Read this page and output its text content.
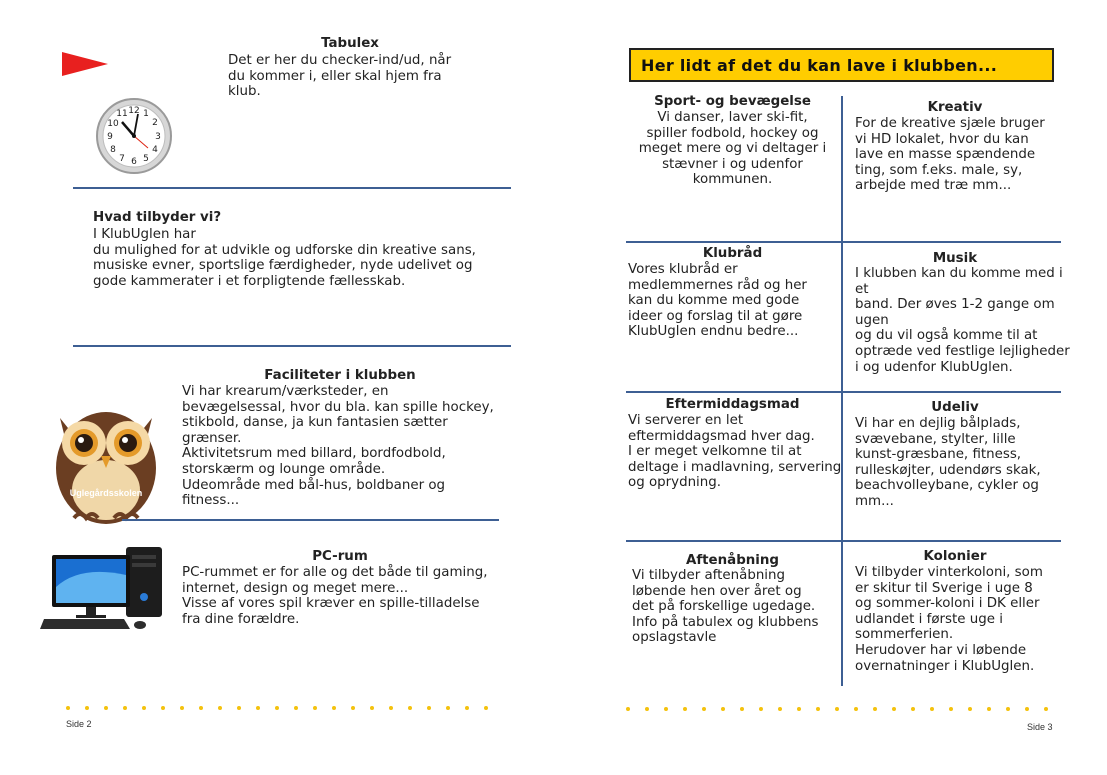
Tabulex
Det er her du checker-ind/ud, når
du kommer i, eller skal hjem fra
klub.
12 1
2
3
4
5
6
7
8
9
10
11
Hvad tilbyder vi?
I KlubUglen har
du mulighed for at udvikle og udforske din kreative sans,
musiske evner, sportslige færdigheder, nyde udelivet og
gode kammerater i et forpligtende fællesskab.
Uglegårdsskolen
Faciliteter i klubben
Vi har krearum/værksteder, en
bevægelsessal, hvor du bla. kan spille hockey,
stikbold, danse, ja kun fantasien sætter
grænser.
Aktivitetsrum med billard, bordfodbold,
storskærm og lounge område.
Udeområde med bål-hus, boldbaner og
fitness...
PC-rum
PC-rummet er for alle og det både til gaming,
internet, design og meget mere...
Visse af vores spil kræver en spille-tilladelse
fra dine forældre.
Side 2
Her lidt af det du kan lave i klubben...
Sport- og bevægelse
Vi danser, laver ski-fit,
spiller fodbold, hockey og
meget mere og vi deltager i
stævner i og udenfor
kommunen.
Kreativ
For de kreative sjæle bruger
vi HD lokalet, hvor du kan
lave en masse spændende
ting, som f.eks. male, sy,
arbejde med træ mm...
Klubråd
Vores klubråd er
medlemmernes råd og her
kan du komme med gode
ideer og forslag til at gøre
KlubUglen endnu bedre...
Musik
I klubben kan du komme med i et
band. Der øves 1-2 gange om ugen
og du vil også komme til at
optræde ved festlige lejligheder
i og udenfor KlubUglen.
Eftermiddagsmad
Vi serverer en let
eftermiddagsmad hver dag.
I er meget velkomne til at
deltage i madlavning, servering
og oprydning.
Udeliv
Vi har en dejlig bålplads,
svævebane, stylter, lille
kunst-græsbane, fitness,
rulleskøjter, udendørs skak,
beachvolleybane, cykler og
mm...
Aftenåbning
Vi tilbyder aftenåbning
løbende hen over året og
det på forskellige ugedage.
Info på tabulex og klubbens
opslagstavle
Kolonier
Vi tilbyder vinterkoloni, som
er skitur til Sverige i uge 8
og sommer-koloni i DK eller
udlandet i første uge i
sommerferien.
Herudover har vi løbende
overnatninger i KlubUglen.
Side 3
